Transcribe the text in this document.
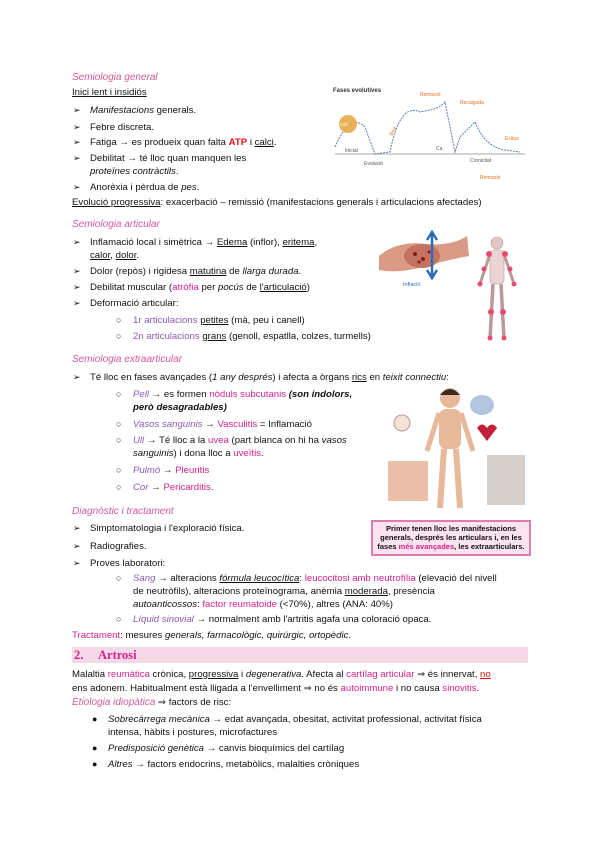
Semiologia general
Inici lent i insidiós
➢ Manifestacions generals.
➢ Febre discreta.
➢ Fatiga → es produeix quan falta ATP i calci.
➢ Debilitat → té lloc quan manquen les
proteïnes contràctils.
➢ Anorèxia i pèrdua de pes.
Evolució progressiva: exacerbació – remissió (manifestacions generals i articulacions afectades)
Fases evolutives
Inici
Inicial
Evolució
Brot
Remissió
Recaiguda
Cronicitat
Remissió
Exitus
Ca
Semiologia articular
➢ Inflamació local i simètrica → Edema (inflor), eritema,
calor, dolor.
➢ Dolor (repòs) i rigidesa matutina de llarga durada.
➢ Debilitat muscular (atròfia per pocús de l'articulació)
➢ Deformació articular:
○ 1r articulacions petites (mà, peu i canell)
○ 2n articulacions grans (genoll, espatlla, colzes, turmells)
Inflació
Semiologia extraarticular
➢ Té lloc en fases avançades (1 any després) i afecta a òrgans rics en teixit connectiu:
○ Pell → es formen nòduls subcutanis (son indolors,
però desagradables)
○ Vasos sanguinis → Vasculitis = Inflamació
○ Ull → Té lloc a la uvea (part blanca on hi ha vasos
sanguinis) i dona lloc a uveïtis.
○ Pulmó → Pleuritis
○ Cor → Pericarditis.
Diagnòstic i tractament
➢ Simptomatologia i l'exploració física.
➢ Radiografies.
➢ Proves laboratori:
○ Sang → alteracions fórmula leucocítica: leucocitosi amb neutrofília (elevació del nivell
de neutròfils), alteracions proteïnograma, anèmia moderada, presència
autoanticossos: factor reumatoide (<70%), altres (ANA: 40%)
○ Líquid sinovial → normalment amb l'artritis agafa una coloració opaca.
Tractament: mesures generals, farmacològic, quirúrgic, ortopèdic.
Primer tenen lloc les manifestacions generals, després les articulars i, en les fases més avançades, les extraarticulars.
2. Artrosi
Malaltia reumàtica crònica, progressiva i degenerativa. Afecta al cartílag articular ⇒ és innervat, no
ens adonem. Habitualment està lligada a l'envelliment ⇒ no és autoimmune i no causa sinovitis.
Etiologia idiopàtica ⇒ factors de risc:
● Sobrecàrrega mecànica → edat avançada, obesitat, activitat professional, activitat física
intensa, hàbits i postures, microfactures
● Predisposició genètica → canvis bioquímics del cartílag
● Altres → factors endocrins, metabòlics, malalties cròniques
